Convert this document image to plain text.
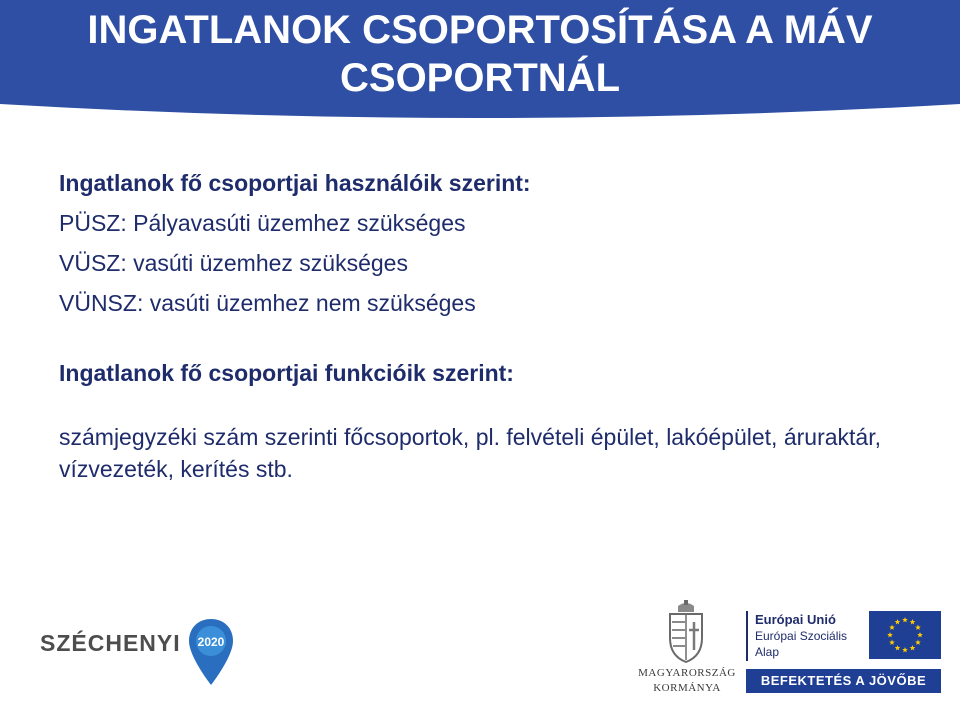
INGATLANOK CSOPORTOSÍTÁSA A MÁV
CSOPORTNÁL

Ingatlanok fő csoportjai használóik szerint:

PÜSZ: Pályavasúti üzemhez szükséges

VÜSZ: vasúti üzemhez szükséges

VÜNSZ: vasúti üzemhez nem szükséges

Ingatlanok fő csoportjai funkcióik szerint:

számjegyzéki szám szerinti főcsoportok, pl. felvételi épület, lakóépület, áruraktár, vízvezeték, kerítés stb.

SZÉCHENYI	2020
MAGYARORSZÁG
KORMÁNYA
Európai Unió
Európai Szociális
Alap
BEFEKTETÉS A JÖVŐBE
